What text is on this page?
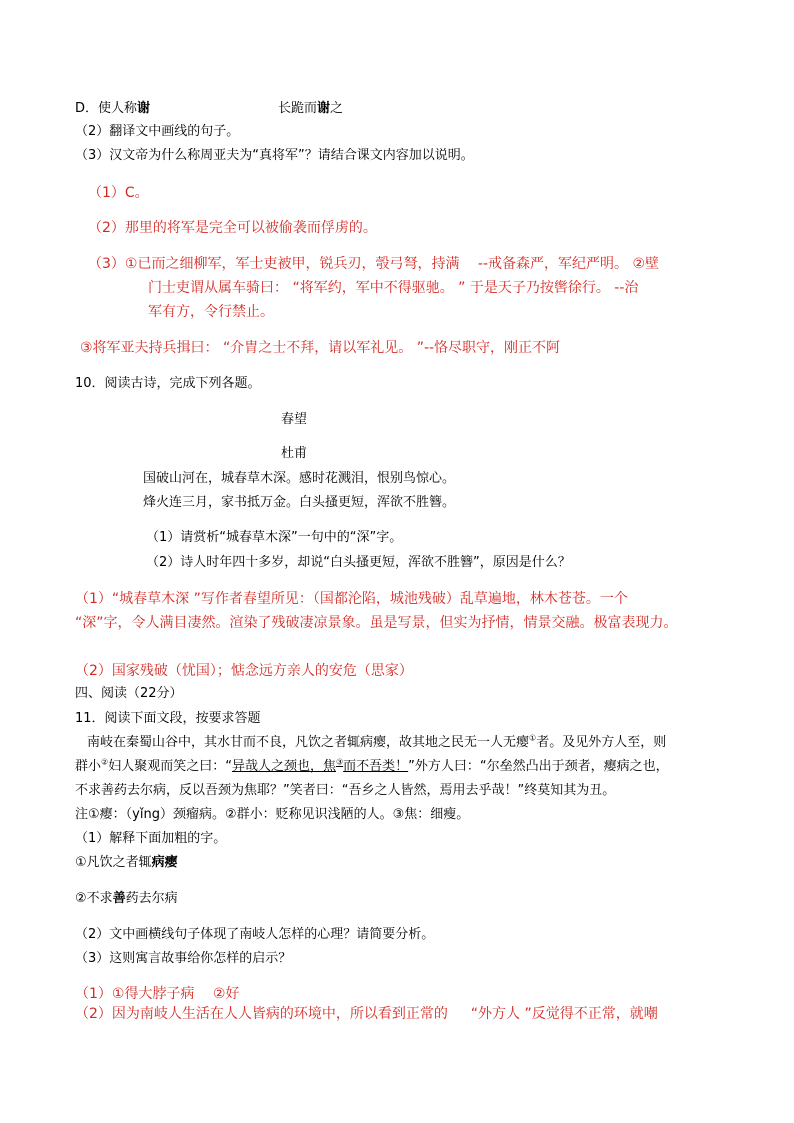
D．使人称谢	长跪而谢之
（2）翻译文中画线的句子。
（3）汉文帝为什么称周亚夫为“真将军”？请结合课文内容加以说明。
（1）C。
（2）那里的将军是完全可以被偷袭而俘虏的。
（3）①已而之细柳军，军士吏被甲，锐兵刃，彀弓弩，持满 　--戒备森严，军纪严明。 ②壁
门士吏谓从属车骑曰： “将军约，军中不得驱驰。 ” 于是天子乃按辔徐行。 --治
军有方，令行禁止。
③将军亚夫持兵揖曰： “介胄之士不拜，请以军礼见。 ”--恪尽职守，刚正不阿
10．阅读古诗，完成下列各题。
春望
杜甫
国破山河在，城春草木深。感时花溅泪，恨别鸟惊心。
烽火连三月，家书抵万金。白头搔更短，浑欲不胜簪。
（1）请赏析“城春草木深”一句中的“深”字。
（2）诗人时年四十多岁，却说“白头搔更短，浑欲不胜簪”，原因是什么？
（1）“城春草木深 ”写作者春望所见：（国都沦陷，城池残破）乱草遍地，林木苍苍。一个
“深”字，令人满目凄然。渲染了残破凄凉景象。虽是写景，但实为抒情，情景交融。极富表现力。
（2）国家残破（忧国）；惦念远方亲人的安危（思家）
四、阅读（22分）
11．阅读下面文段，按要求答题
南岐在秦蜀山谷中，其水甘而不良，凡饮之者辄病瘿，故其地之民无一人无瘿①者。及见外方人至，则
群小②妇人聚观而笑之曰：“异哉人之颈也，焦③而不吾类！”外方人曰：“尔垒然凸出于颈者，瘿病之也，
不求善药去尔病，反以吾颈为焦耶？”笑者曰：“吾乡之人皆然，焉用去乎哉！”终莫知其为丑。
注①瘿：（yǐng）颈瘤病。②群小：贬称见识浅陋的人。③焦：细瘦。
（1）解释下面加粗的字。
①凡饮之者辄病瘿
②不求善药去尔病
（2）文中画横线句子体现了南岐人怎样的心理？请简要分析。
（3）这则寓言故事给你怎样的启示？
（1）①得大脖子病 　②好
（2）因为南岐人生活在人人皆病的环境中，所以看到正常的 　 “外方人 ”反觉得不正常，就嘲
